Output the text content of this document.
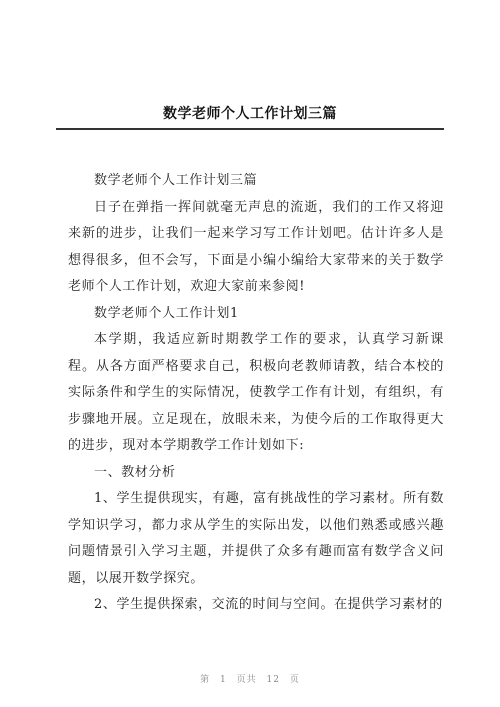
数学老师个人工作计划三篇

数学老师个人工作计划三篇

日子在弹指一挥间就毫无声息的流逝，我们的工作又将迎来新的进步，让我们一起来学习写工作计划吧。估计许多人是想得很多，但不会写，下面是小编小编给大家带来的关于数学老师个人工作计划，欢迎大家前来参阅!

数学老师个人工作计划1

本学期，我适应新时期教学工作的要求，认真学习新课程。从各方面严格要求自己，积极向老教师请教，结合本校的实际条件和学生的实际情况，使教学工作有计划，有组织，有步骤地开展。立足现在，放眼未来，为使今后的工作取得更大的进步，现对本学期教学工作计划如下:

一、教材分析

1、学生提供现实，有趣，富有挑战性的学习素材。所有数学知识学习，都力求从学生的实际出发，以他们熟悉或感兴趣问题情景引入学习主题，并提供了众多有趣而富有数学含义问题，以展开数学探究。

2、学生提供探索，交流的时间与空间。在提供学习素材的

第 1 页共 12 页
